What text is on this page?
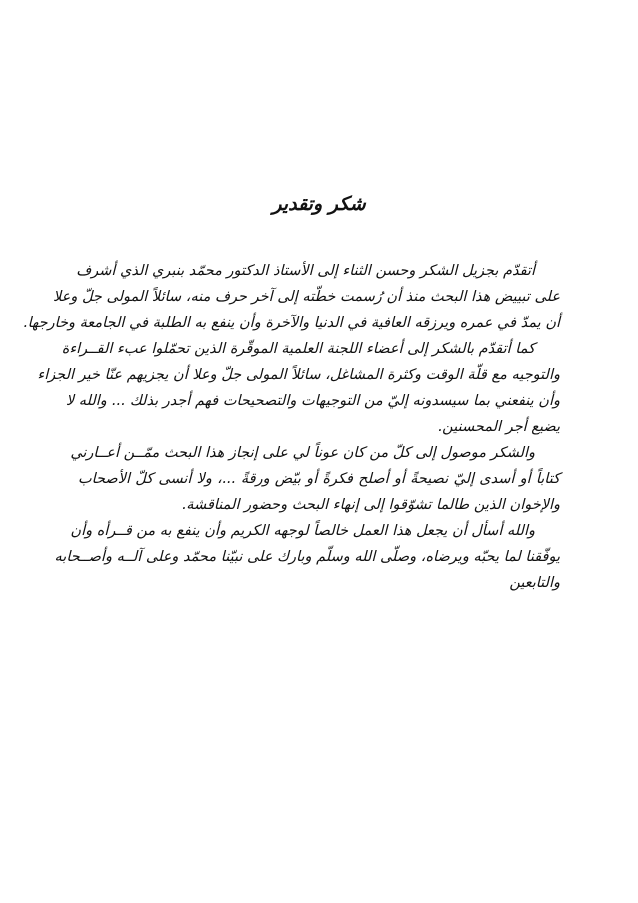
شكر وتقدير
أتقدّم بجزيل الشكر وحسن الثناء إلى الأستاذ الدكتور محمّد بنبري الذي أشرف
على تبييض هذا البحث منذ أن رُسمت خطّته إلى آخر حرف منه، سائلاً المولى جلّ وعلا
أن يمدّ في عمره ويرزقه العافية في الدنيا والآخرة وأن ينفع به الطلبة في الجامعة وخارجها.
كما أتقدّم بالشكر إلى أعضاء اللجنة العلمية الموقّرة الذين تحمّلوا عبء القــراءة
والتوجيه مع قلّة الوقت وكثرة المشاغل، سائلاً المولى جلّ وعلا أن يجزيهم عنّا خير الجزاء
وأن ينفعني بما سيسدونه إليّ من التوجيهات والتصحيحات فهم أجدر بذلك ... والله لا
يضيع أجر المحسنين.
والشكر موصول إلى كلّ من كان عوناً لي على إنجاز هذا البحث ممّــن أعــارني
كتاباً أو أسدى إليّ نصيحةً أو أصلح فكرةً أو بيّض ورقةً ...، ولا أنسى كلّ الأصحاب
والإخوان الذين طالما تشوّقوا إلى إنهاء البحث وحضور المناقشة.
والله أسأل أن يجعل هذا العمل خالصاً لوجهه الكريم وأن ينفع به من قــرأه وأن
يوفّقنا لما يحبّه ويرضاه، وصلّى الله وسلّم وبارك على نبيّنا محمّد وعلى آلــه وأصــحابه
والتابعين
